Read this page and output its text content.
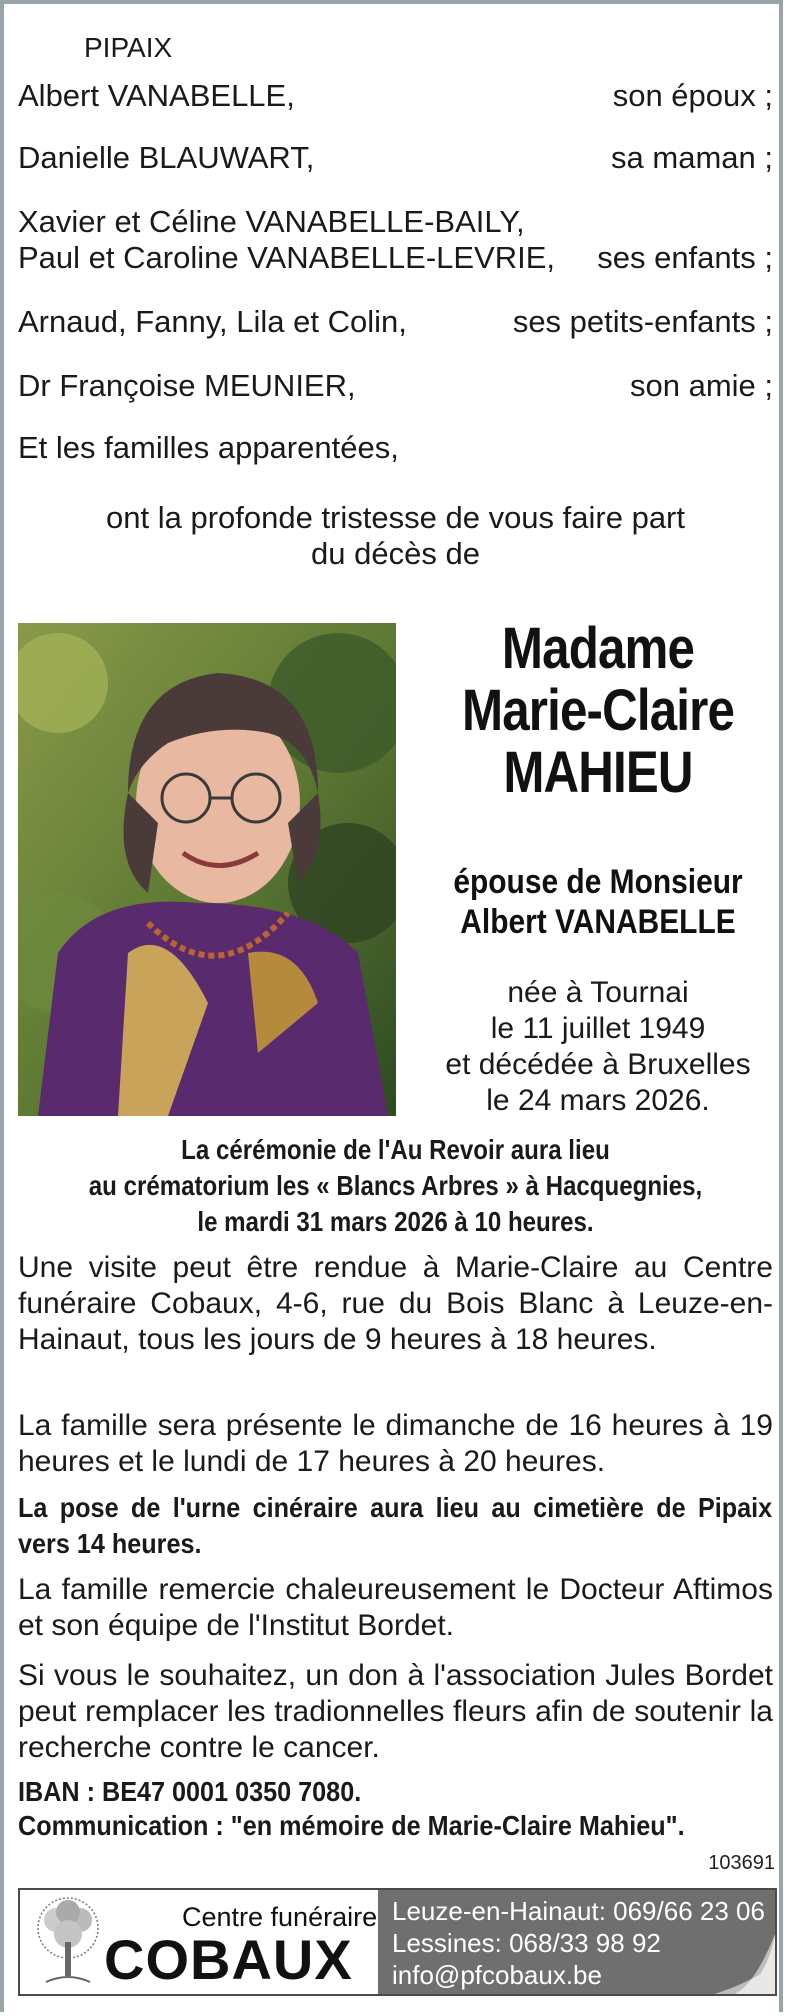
PIPAIX
Albert VANABELLE,	son époux ;
Danielle BLAUWART,	sa maman ;
Xavier et Céline VANABELLE-BAILY,
Paul et Caroline VANABELLE-LEVRIE, ses enfants ;
Arnaud, Fanny, Lila et Colin,	ses petits-enfants ;
Dr Françoise MEUNIER,	son amie ;
Et les familles apparentées,
ont la profonde tristesse de vous faire part
du décès de
Madame
Marie-Claire
MAHIEU
épouse de Monsieur
Albert VANABELLE
née à Tournai
le 11 juillet 1949
et décédée à Bruxelles
le 24 mars 2026.
La cérémonie de l'Au Revoir aura lieu
au crématorium les « Blancs Arbres » à Hacquegnies,
le mardi 31 mars 2026 à 10 heures.
Une visite peut être rendue à Marie-Claire au Centre funéraire Cobaux, 4-6, rue du Bois Blanc à Leuze-en-Hainaut, tous les jours de 9 heures à 18 heures.
La famille sera présente le dimanche de 16 heures à 19 heures et le lundi de 17 heures à 20 heures.
La pose de l'urne cinéraire aura lieu au cimetière de Pipaix vers 14 heures.
La famille remercie chaleureusement le Docteur Aftimos et son équipe de l'Institut Bordet.
Si vous le souhaitez, un don à l'association Jules Bordet peut remplacer les tradionnelles fleurs afin de soutenir la recherche contre le cancer.
IBAN : BE47 0001 0350 7080.
Communication : "en mémoire de Marie-Claire Mahieu".
103691
Centre funéraire
COBAUX
Leuze-en-Hainaut: 069/66 23 06
Lessines: 068/33 98 92
info@pfcobaux.be
